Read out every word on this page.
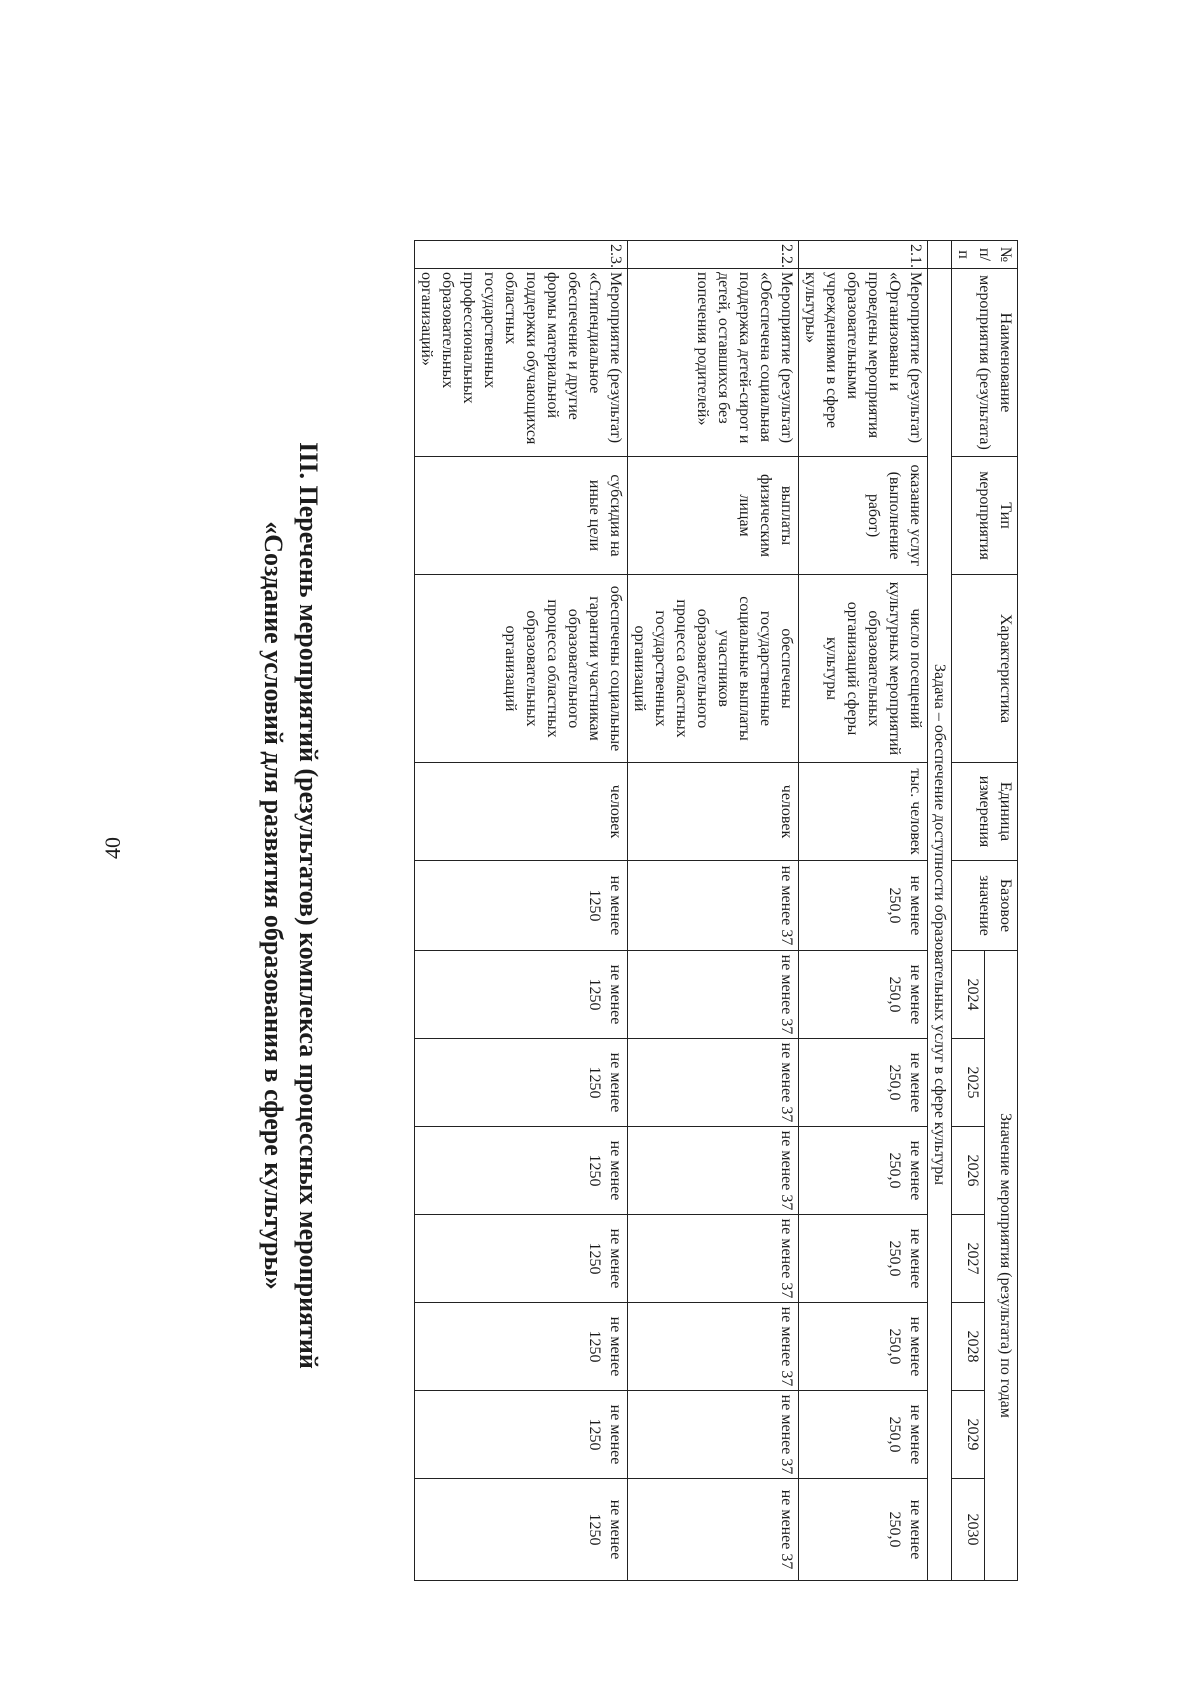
40	III. Перечень мероприятий (результатов) комплекса процессных мероприятий
«Создание условий для развития образования в сфере культуры»
№ п/п	Наименование мероприятия (результата)	Тип мероприятия	Характеристика	Единица измерения	Базовое значение	Значение мероприятия (результата) по годам						
						2024	2025	2026	2027	2028	2029	2030
	Задача – обеспечение доступности образовательных услуг в сфере культуры											
2.1.	Мероприятие (результат) «Организованы и проведены мероприятия образовательными учреждениями в сфере культуры»	оказание услуг (выполнение работ)	число посещений культурных мероприятий образовательных организаций сферы культуры	тыс. человек	не менее 250,0	не менее 250,0	не менее 250,0	не менее 250,0	не менее 250,0	не менее 250,0	не менее 250,0	не менее 250,0
2.2.	Мероприятие (результат) «Обеспечена социальная поддержка детей-сирот и детей, оставшихся без попечения родителей»	выплаты физическим лицам	обеспечены государственные социальные выплаты участников образовательного процесса областных государственных организаций	человек	не менее 37	не менее 37	не менее 37	не менее 37	не менее 37	не менее 37	не менее 37	не менее 37
2.3.	Мероприятие (результат) «Стипендиальное обеспечение и другие формы материальной поддержки обучающихся областных государственных профессиональных образовательных организаций»	субсидия на иные цели	обеспечены социальные гарантии участникам образовательного процесса областных образовательных организаций	человек	не менее 1250	не менее 1250	не менее 1250	не менее 1250	не менее 1250	не менее 1250	не менее 1250	не менее 1250
